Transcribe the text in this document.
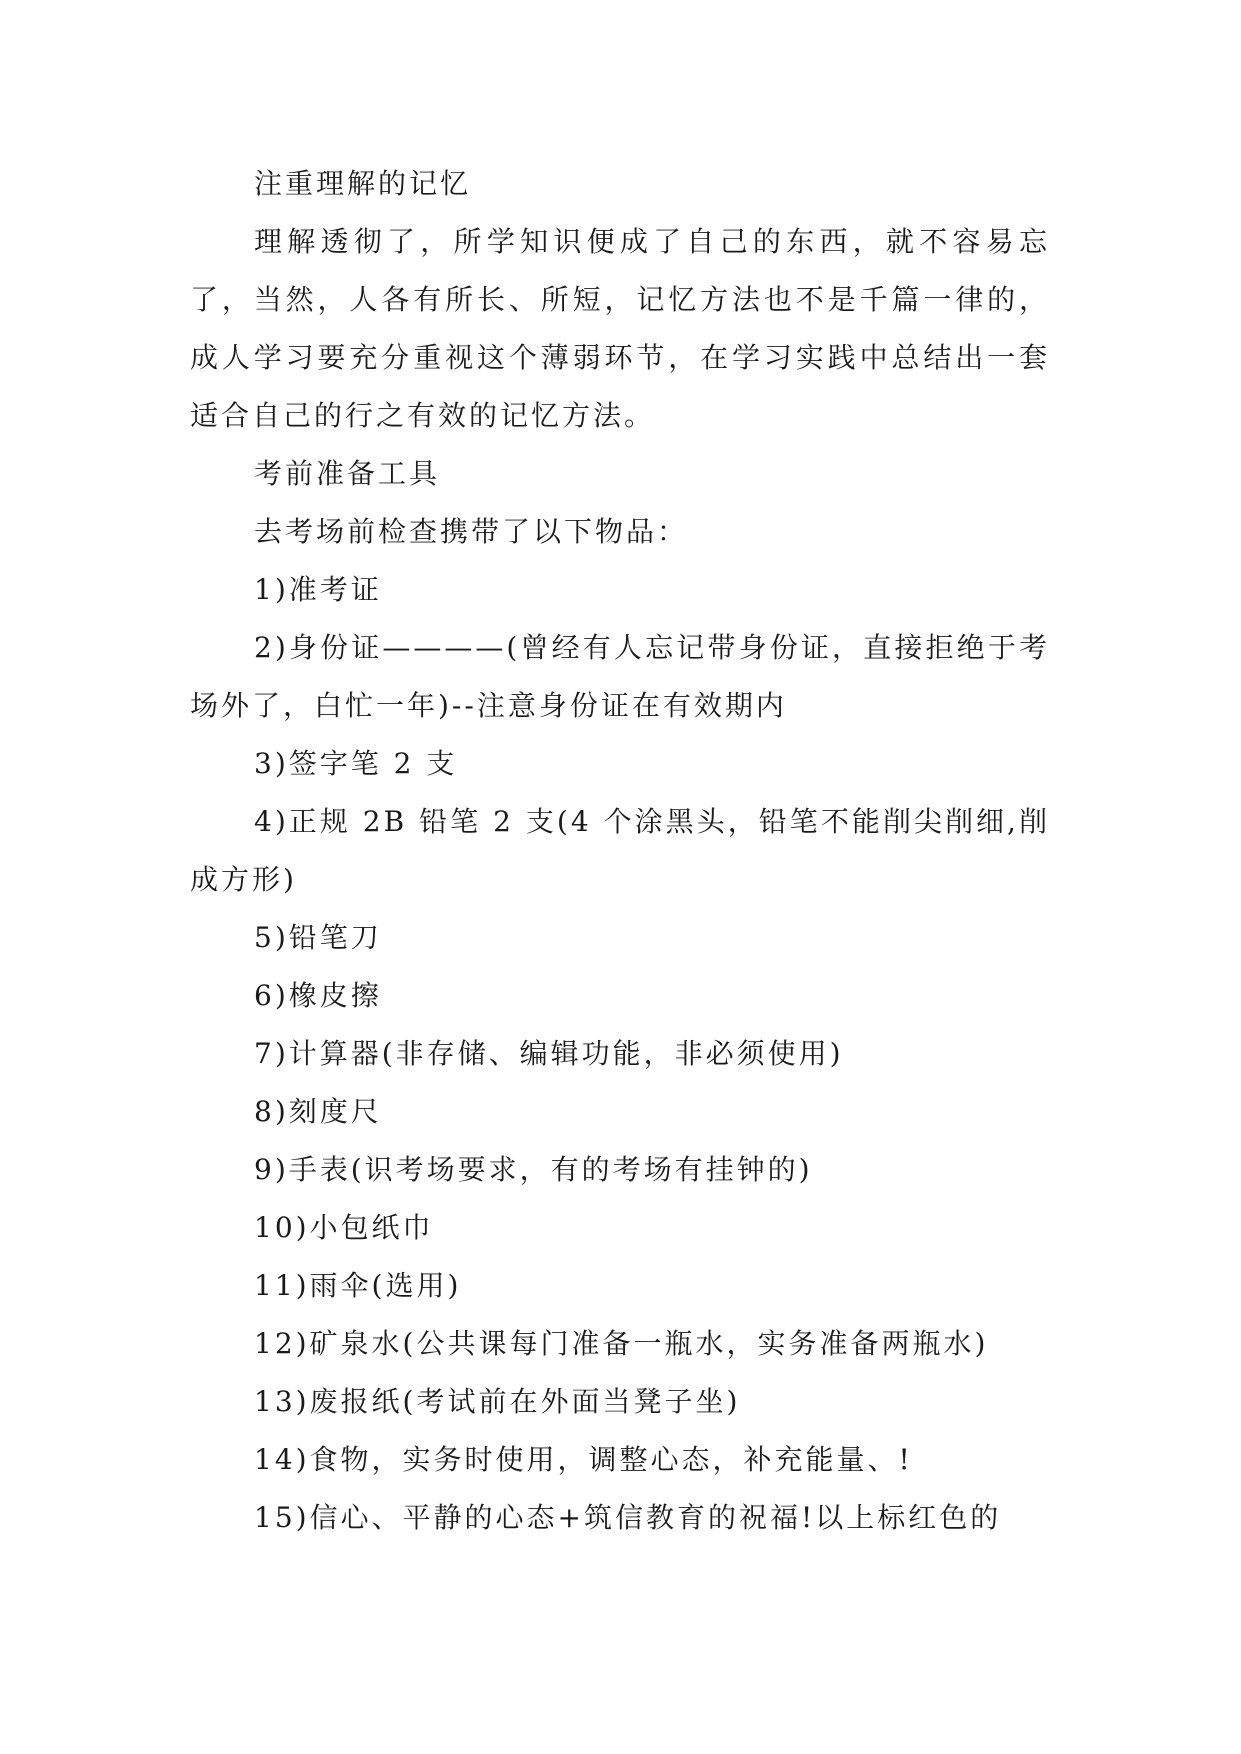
注重理解的记忆

理解透彻了，所学知识便成了自己的东西，就不容易忘了，当然，人各有所长、所短，记忆方法也不是千篇一律的，成人学习要充分重视这个薄弱环节，在学习实践中总结出一套适合自己的行之有效的记忆方法。

考前准备工具

去考场前检查携带了以下物品：

1)准考证

2)身份证————(曾经有人忘记带身份证，直接拒绝于考场外了，白忙一年)--注意身份证在有效期内

3)签字笔 2 支

4)正规 2B 铅笔 2 支(4 个涂黑头，铅笔不能削尖削细,削成方形)

5)铅笔刀

6)橡皮擦

7)计算器(非存储、编辑功能，非必须使用)

8)刻度尺

9)手表(识考场要求，有的考场有挂钟的)

10)小包纸巾

11)雨伞(选用)

12)矿泉水(公共课每门准备一瓶水，实务准备两瓶水)

13)废报纸(考试前在外面当凳子坐)

14)食物，实务时使用，调整心态，补充能量、!

15)信心、平静的心态+筑信教育的祝福!以上标红色的
